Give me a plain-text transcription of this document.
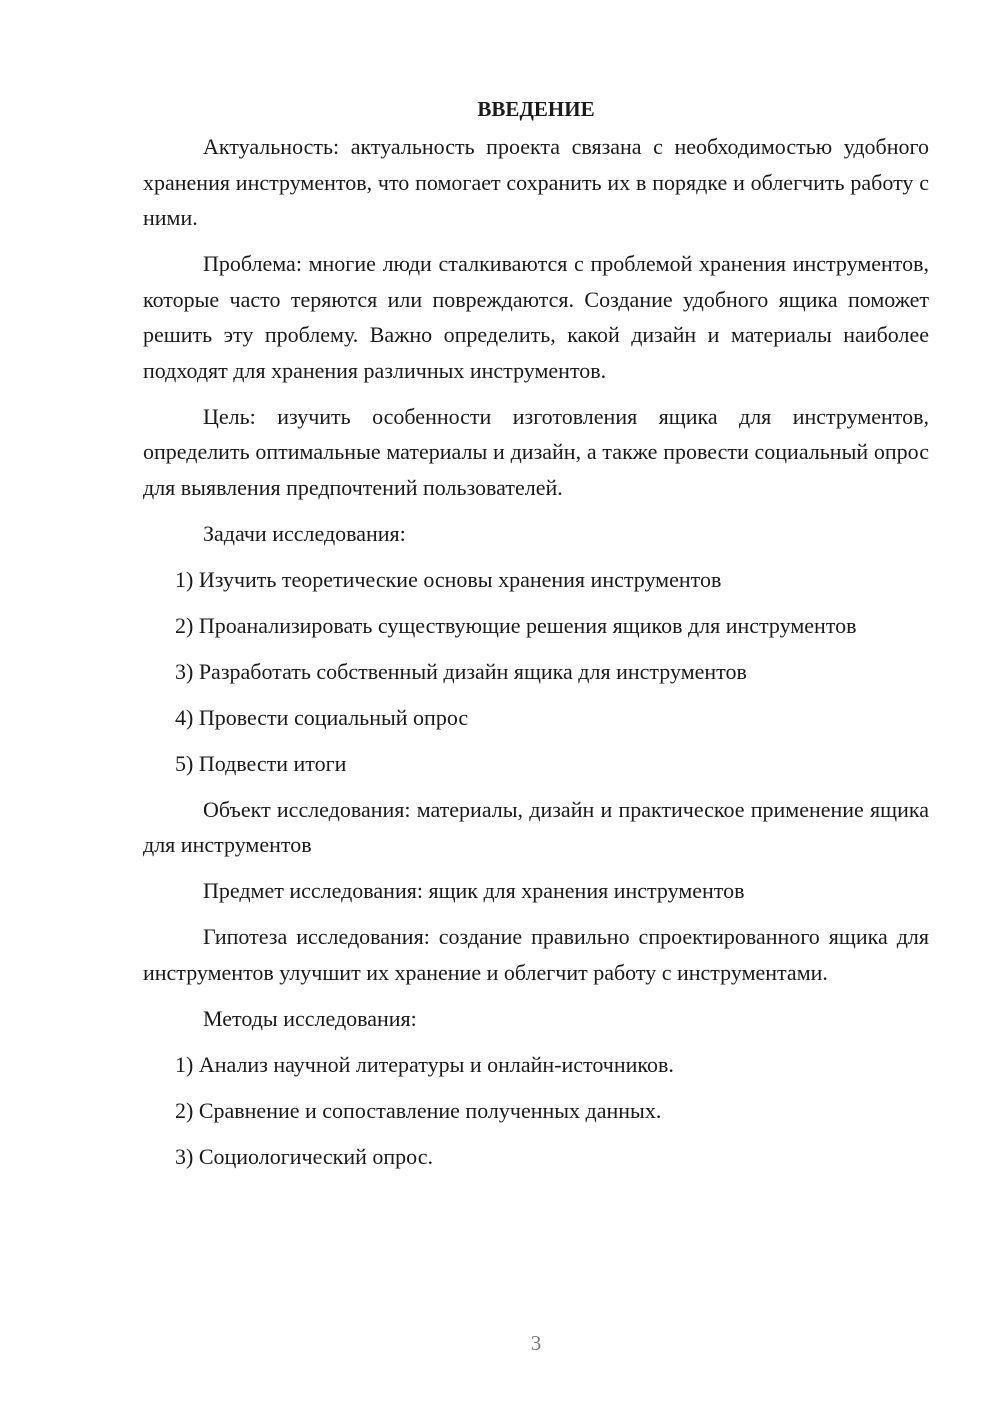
ВВЕДЕНИЕ

Актуальность: актуальность проекта связана с необходимостью удобного хранения инструментов, что помогает сохранить их в порядке и облегчить работу с ними.

Проблема: многие люди сталкиваются с проблемой хранения инструментов, которые часто теряются или повреждаются. Создание удобного ящика поможет решить эту проблему. Важно определить, какой дизайн и материалы наиболее подходят для хранения различных инструментов.

Цель: изучить особенности изготовления ящика для инструментов, определить оптимальные материалы и дизайн, а также провести социальный опрос для выявления предпочтений пользователей.

Задачи исследования:

1) Изучить теоретические основы хранения инструментов

2) Проанализировать существующие решения ящиков для инструментов

3) Разработать собственный дизайн ящика для инструментов

4) Провести социальный опрос

5) Подвести итоги

Объект исследования: материалы, дизайн и практическое применение ящика для инструментов

Предмет исследования: ящик для хранения инструментов

Гипотеза исследования: создание правильно спроектированного ящика для инструментов улучшит их хранение и облегчит работу с инструментами.

Методы исследования:

1) Анализ научной литературы и онлайн-источников.

2) Сравнение и сопоставление полученных данных.

3) Социологический опрос.

3
